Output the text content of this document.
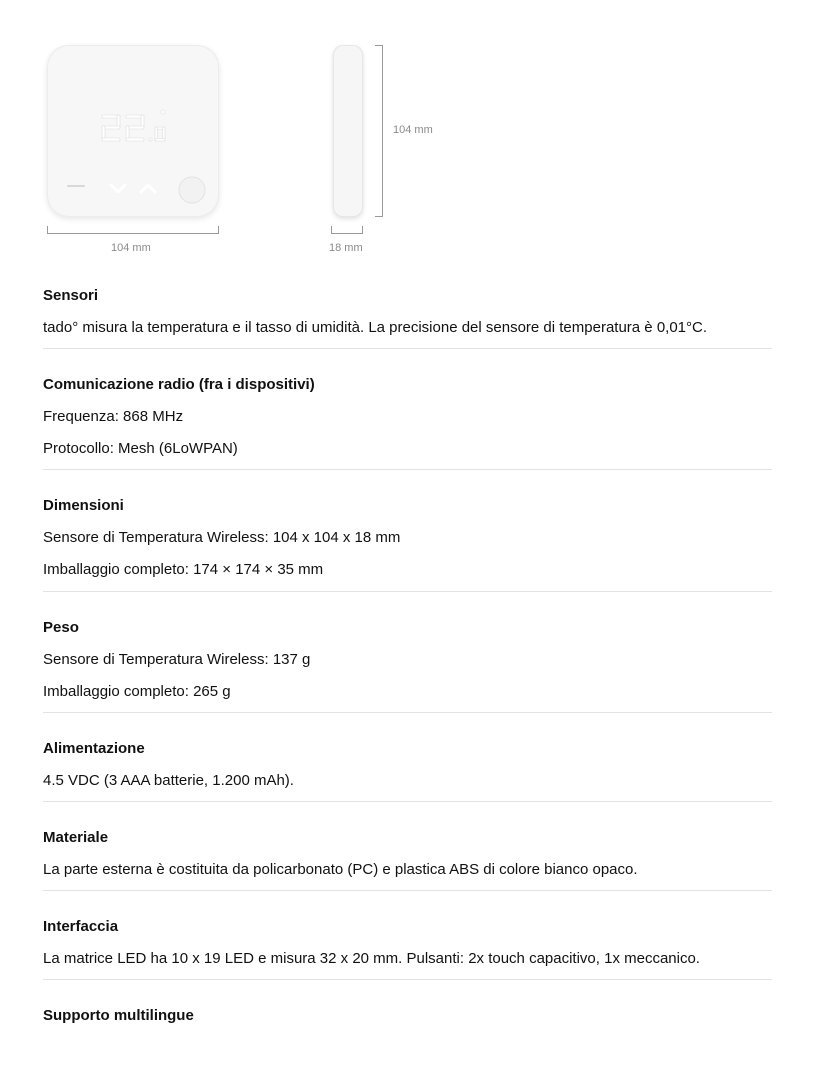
104 mm
104 mm
18 mm
Sensori
tado° misura la temperatura e il tasso di umidità. La precisione del sensore di temperatura è 0,01°C.
Comunicazione radio (fra i dispositivi)
Frequenza: 868 MHz
Protocollo: Mesh (6LoWPAN)
Dimensioni
Sensore di Temperatura Wireless: 104 x 104 x 18 mm
Imballaggio completo: 174 × 174 × 35 mm
Peso
Sensore di Temperatura Wireless: 137 g
Imballaggio completo: 265 g
Alimentazione
4.5 VDC (3 AAA batterie, 1.200 mAh).
Materiale
La parte esterna è costituita da policarbonato (PC) e plastica ABS di colore bianco opaco.
Interfaccia
La matrice LED ha 10 x 19 LED e misura 32 x 20 mm. Pulsanti: 2x touch capacitivo, 1x meccanico.
Supporto multilingue
